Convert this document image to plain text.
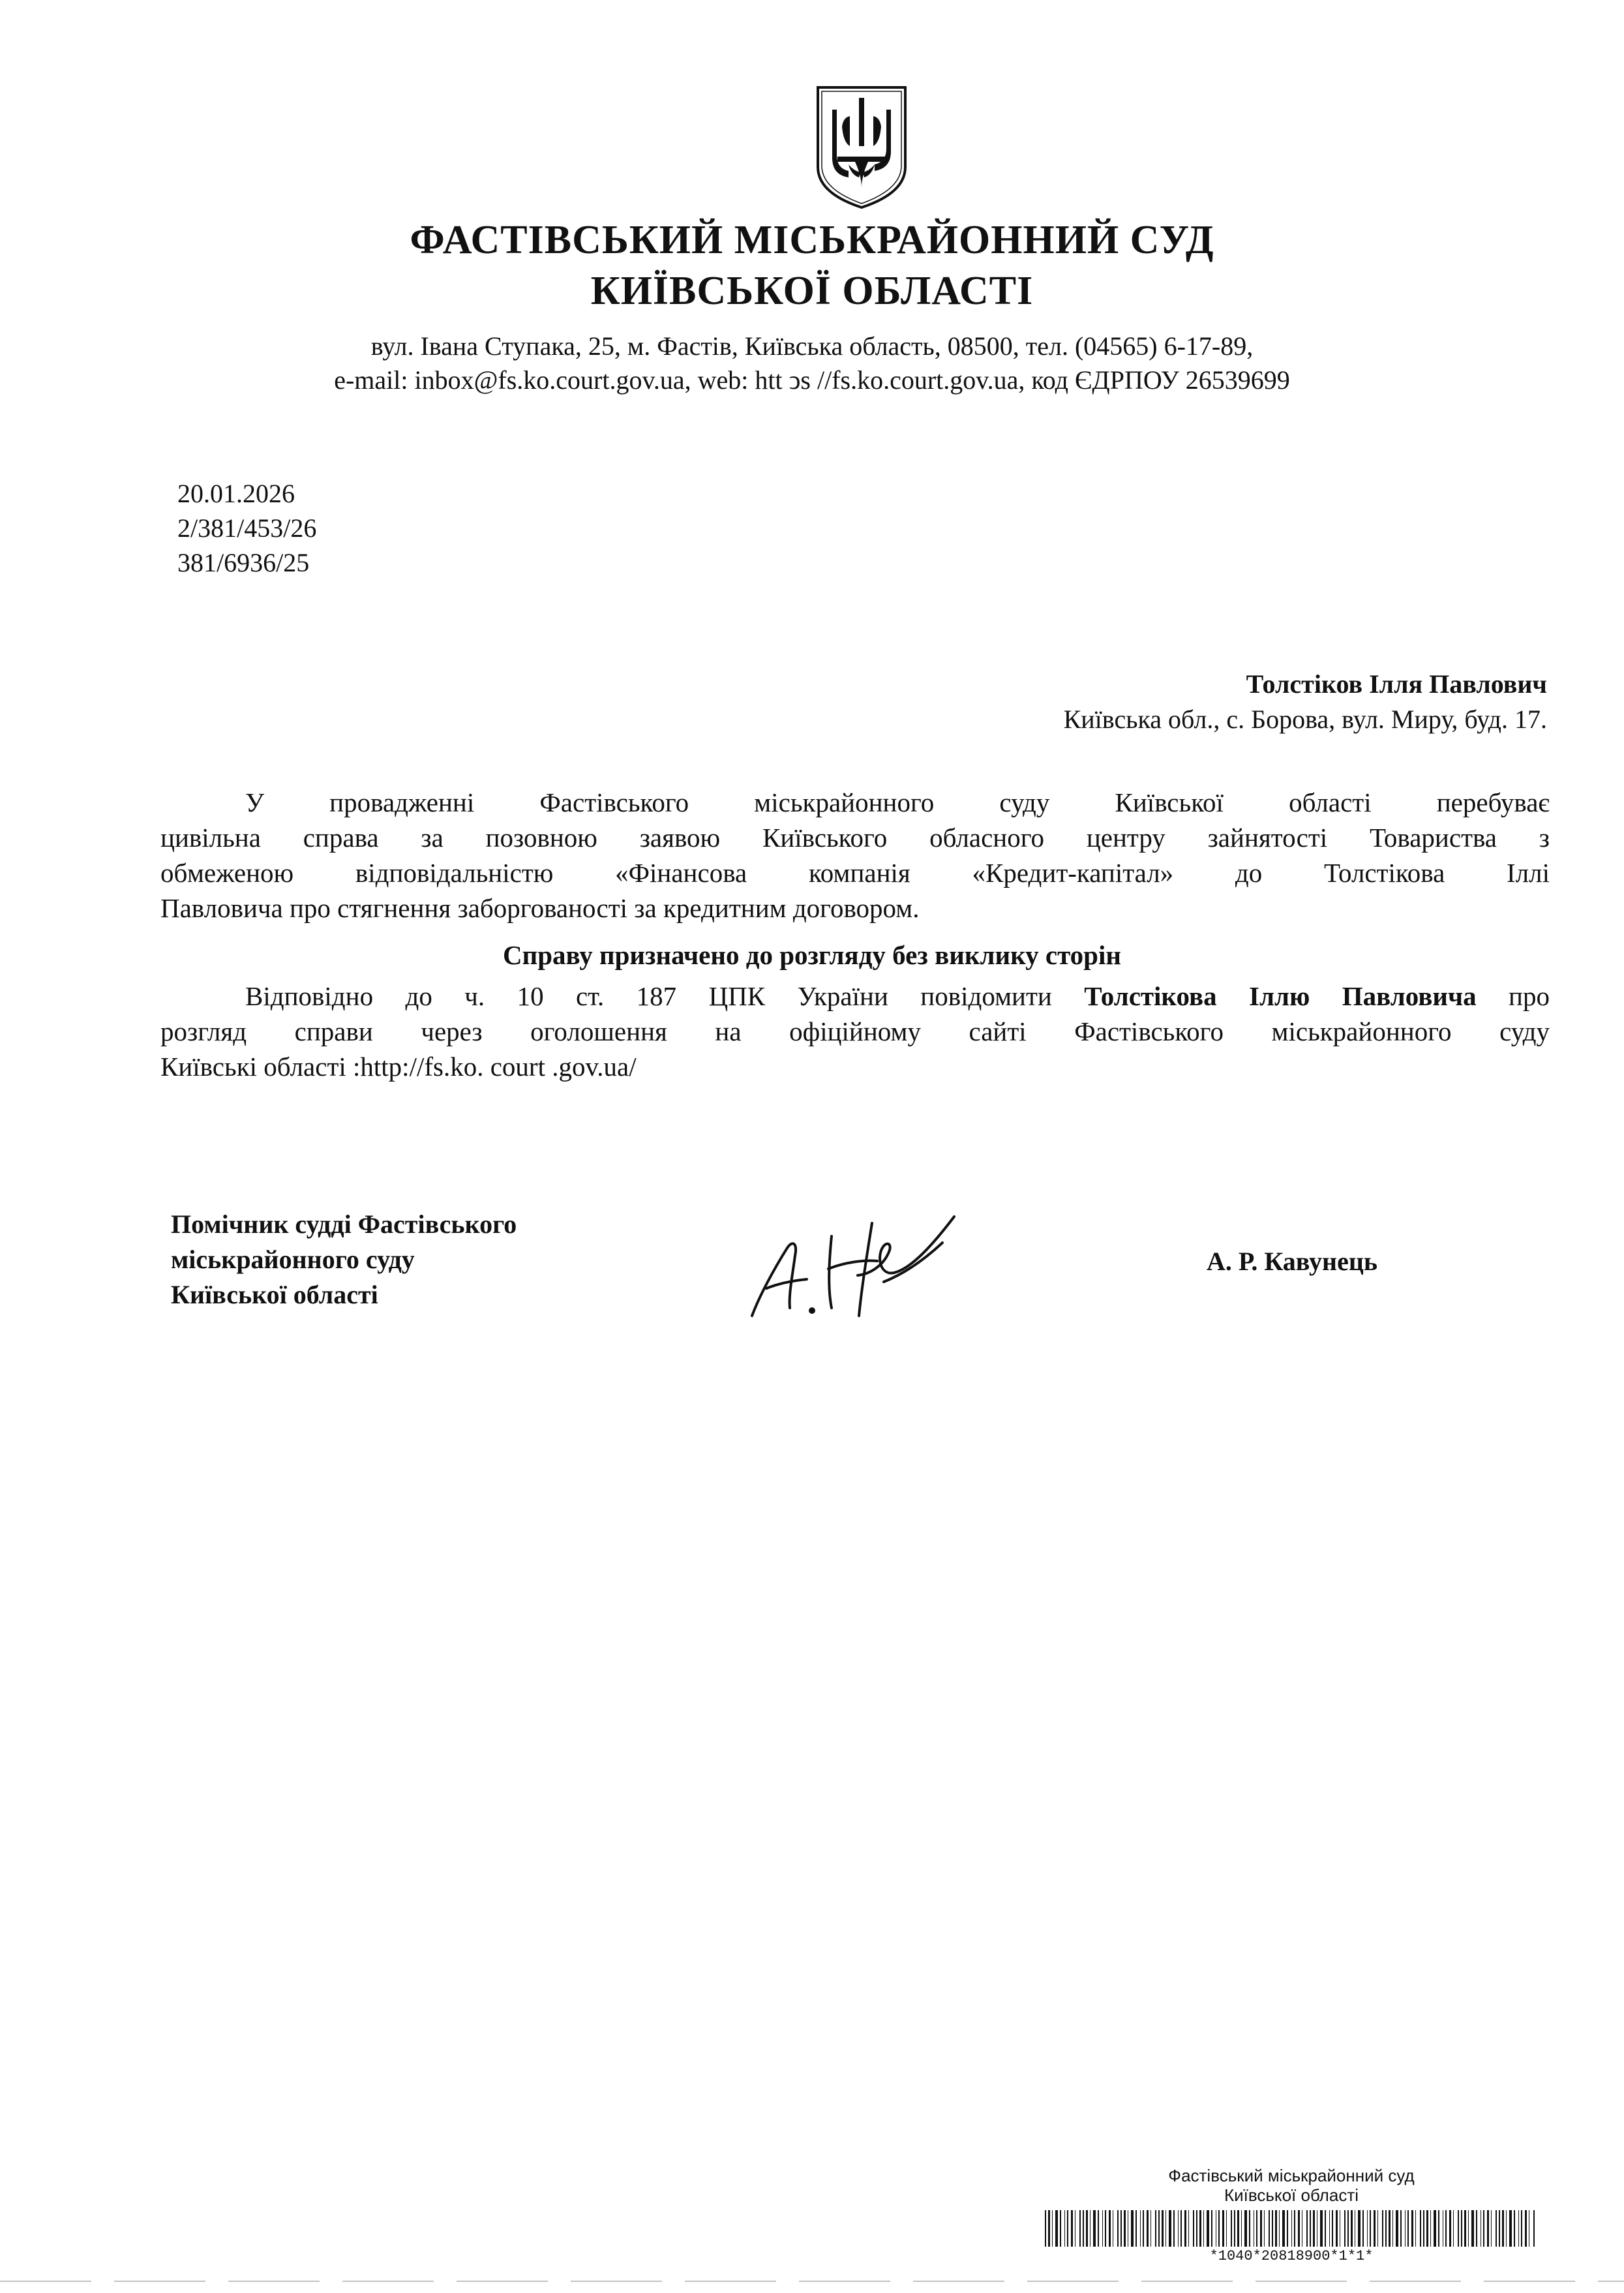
ФАСТІВСЬКИЙ МІСЬКРАЙОННИЙ СУД
КИЇВСЬКОЇ ОБЛАСТІ
вул. Івана Ступака, 25, м. Фастів, Київська область, 08500, тел. (04565) 6-17-89,
e-mail: inbox@fs.ko.court.gov.ua, web: htt ͻs //fs.ko.court.gov.ua, код ЄДРПОУ 26539699
20.01.2026
2/381/453/26
381/6936/25
Толстіков Ілля Павлович
Київська обл., с. Борова, вул. Миру, буд. 17.
У провадженні Фастівського міськрайонного суду Київської області перебуває
цивільна справа за позовною заявою Київського обласного центру зайнятості Товариства з
обмеженою відповідальністю «Фінансова компанія «Кредит-капітал» до Толстікова Іллі
Павловича про стягнення заборгованості за кредитним договором.
Справу призначено до розгляду без виклику сторін
Відповідно до ч. 10 ст. 187 ЦПК України повідомити Толстікова Іллю Павловича про
розгляд справи через оголошення на офіційному сайті Фастівського міськрайонного суду
Київські області :http://fs.ko. court .gov.ua/
Помічник судді Фастівського
міськрайонного суду
Київської області
А. Р. Кавунець
Фастівський міськрайонний суд
Київської області
*1040*20818900*1*1*
